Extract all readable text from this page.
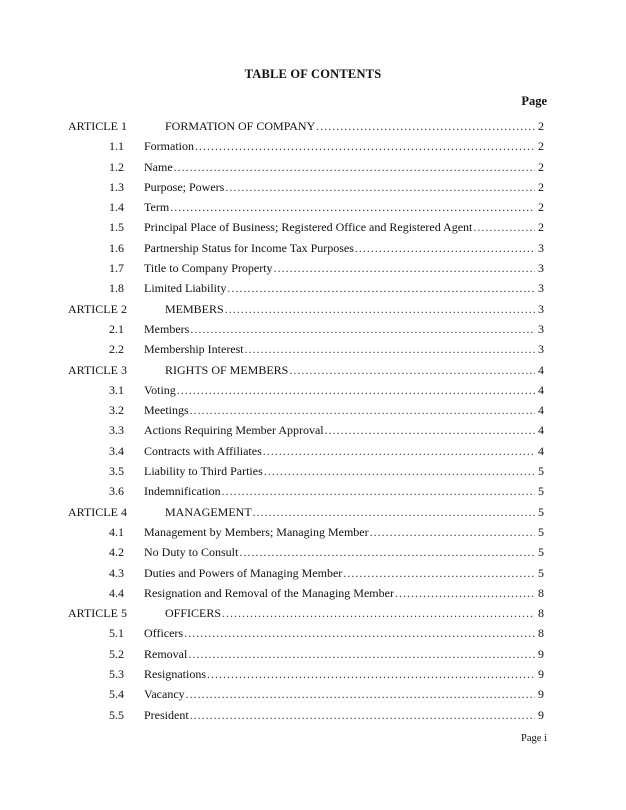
TABLE OF CONTENTS
Page
ARTICLE 1	FORMATION OF COMPANY .....	2
1.1	Formation .....	2
1.2	Name .....	2
1.3	Purpose; Powers .....	2
1.4	Term .....	2
1.5	Principal Place of Business; Registered Office and Registered Agent .....	2
1.6	Partnership Status for Income Tax Purposes .....	3
1.7	Title to Company Property .....	3
1.8	Limited Liability .....	3
ARTICLE 2	MEMBERS .....	3
2.1	Members .....	3
2.2	Membership Interest .....	3
ARTICLE 3	RIGHTS OF MEMBERS .....	4
3.1	Voting .....	4
3.2	Meetings .....	4
3.3	Actions Requiring Member Approval .....	4
3.4	Contracts with Affiliates .....	4
3.5	Liability to Third Parties .....	5
3.6	Indemnification .....	5
ARTICLE 4	MANAGEMENT .....	5
4.1	Management by Members; Managing Member .....	5
4.2	No Duty to Consult .....	5
4.3	Duties and Powers of Managing Member .....	5
4.4	Resignation and Removal of the Managing Member .....	8
ARTICLE 5	OFFICERS .....	8
5.1	Officers .....	8
5.2	Removal .....	9
5.3	Resignations .....	9
5.4	Vacancy .....	9
5.5	President .....	9
Page i
